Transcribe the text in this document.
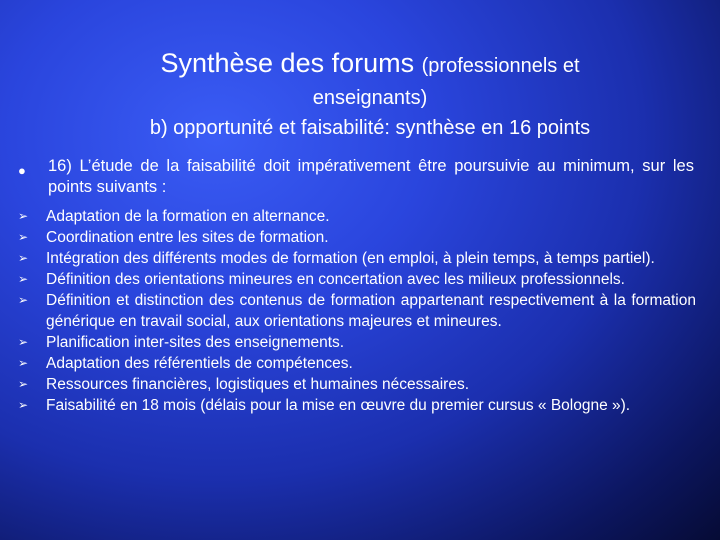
Synthèse des forums (professionnels et
enseignants)
b) opportunité et faisabilité: synthèse en 16 points
● 16) L’étude de la faisabilité doit impérativement être poursuivie au minimum, sur les points suivants :
➢ Adaptation de la formation en alternance.
➢ Coordination entre les sites de formation.
➢ Intégration des différents modes de formation (en emploi, à plein temps, à temps partiel).
➢ Définition des orientations mineures en concertation avec les milieux professionnels.
➢ Définition et distinction des contenus de formation appartenant respectivement à la formation générique en travail social, aux orientations majeures et mineures.
➢ Planification inter-sites des enseignements.
➢ Adaptation des référentiels de compétences.
➢ Ressources financières, logistiques et humaines nécessaires.
➢ Faisabilité en 18 mois (délais pour la mise en œuvre du premier cursus « Bologne »).
